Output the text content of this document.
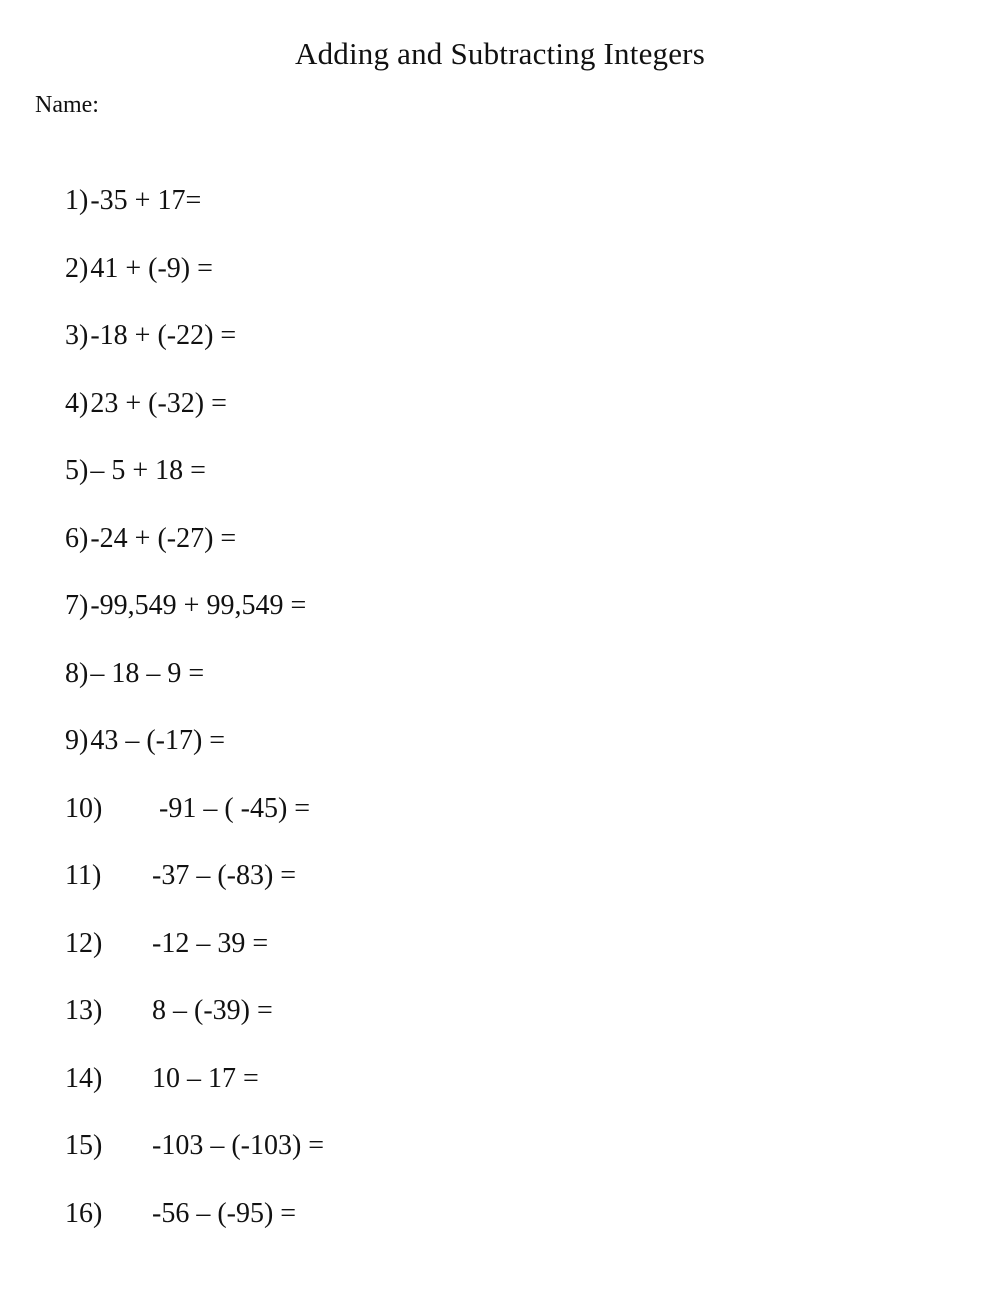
Adding and Subtracting Integers
Name:
1)-35 + 17=
2)41 + (-9) =
3)-18 + (-22) =
4)23 + (-32) =
5)– 5 + 18 =
6)-24 + (-27) =
7)-99,549 + 99,549 =
8)– 18 – 9 =
9)43 – (-17) =
10) -91 – ( -45) =
11) -37 – (-83) =
12) -12 – 39 =
13) 8 – (-39) =
14) 10 – 17 =
15) -103 – (-103) =
16) -56 – (-95) =
